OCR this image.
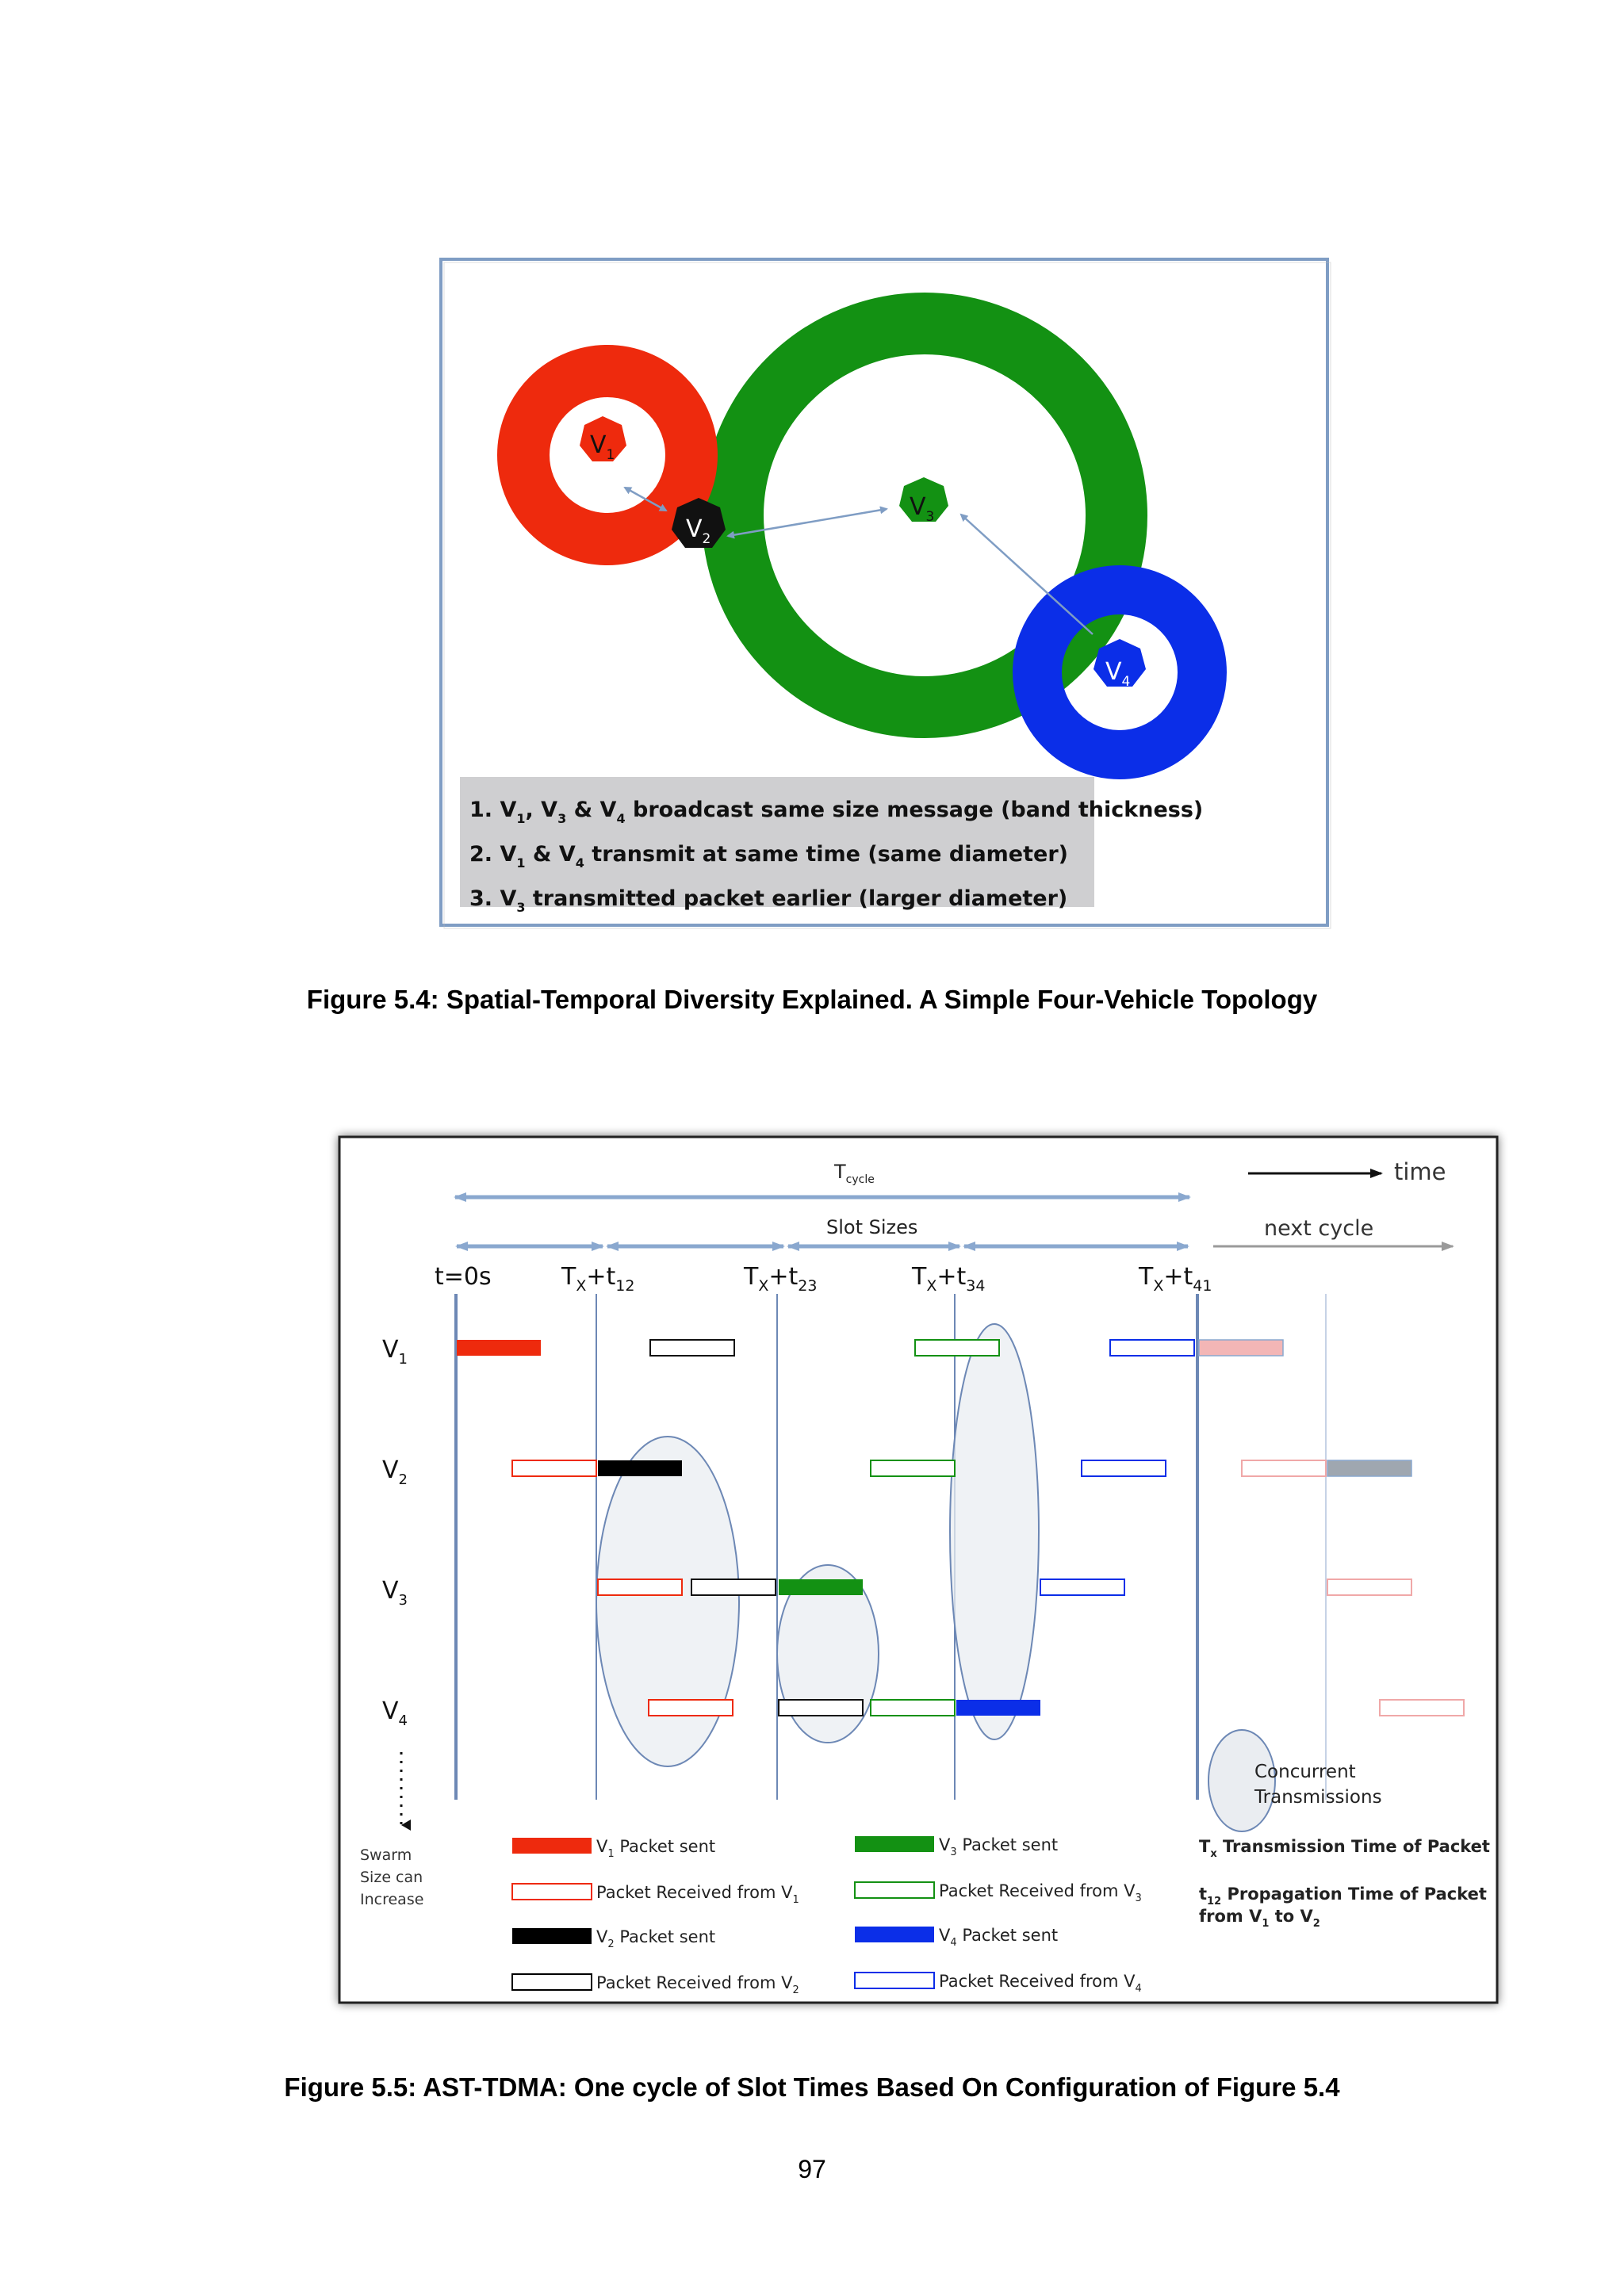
$V_1$
$V_2$
$V_3$
$V_4$
1. $V_1$, $V_3$ & $V_4$ broadcast same size message (band thickness)
2. $V_1$ & $V_4$ transmit at same time (same diameter)
3. $V_3$ transmitted packet earlier (larger diameter)
Figure 5.4: Spatial-Temporal Diversity Explained. A Simple Four-Vehicle Topology
$T_{cycle}$	time
Slot Sizes	next cycle
t=0s	$T_X+t_{12}$	$T_X+t_{23}$	$T_X+t_{34}$	$T_X+t_{41}$
$V_1$
$V_2$
$V_3$
$V_4$
Swarm Size can Increase
Concurrent Transmissions
$V_1$ Packet sent
Packet Received from $V_1$
$V_2$ Packet sent
Packet Received from $V_2$
$V_3$ Packet sent
Packet Received from $V_3$
$V_4$ Packet sent
Packet Received from $V_4$
$T_x$ Transmission Time of Packet
$t_{12}$ Propagation Time of Packet
from $V_1$ to $V_2$
Figure 5.5: AST-TDMA: One cycle of Slot Times Based On Configuration of Figure 5.4
97
